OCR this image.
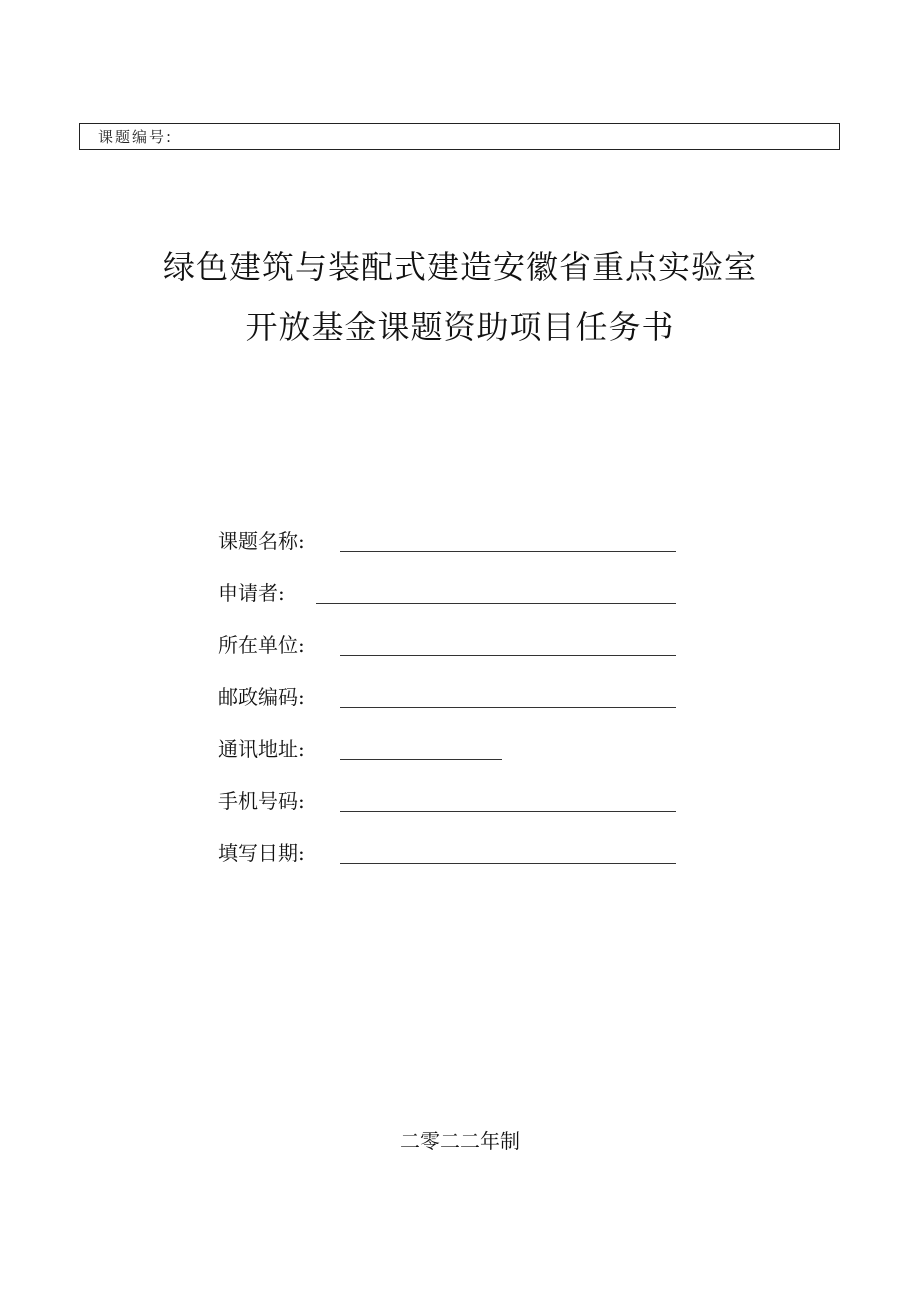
课题编号:
绿色建筑与装配式建造安徽省重点实验室
开放基金课题资助项目任务书
课题名称:
申请者:
所在单位:
邮政编码:
通讯地址:
手机号码:
填写日期:
二零二二年制
